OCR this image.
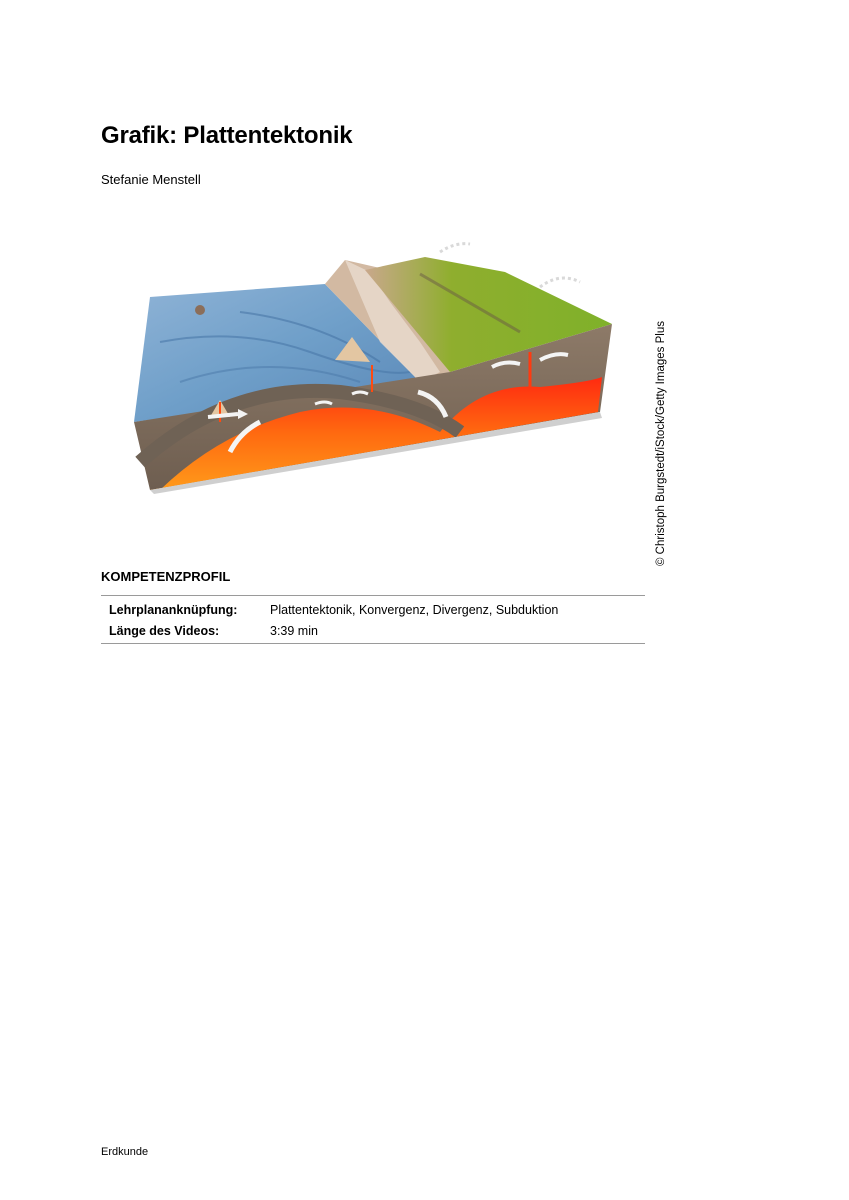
Grafik: Plattentektonik
Stefanie Menstell
© Christoph Burgstedt/iStock/Getty Images Plus
KOMPETENZPROFIL
Lehrplananknüpfung:	Plattentektonik, Konvergenz, Divergenz, Subduktion
Länge des Videos:	3:39 min
Erdkunde
